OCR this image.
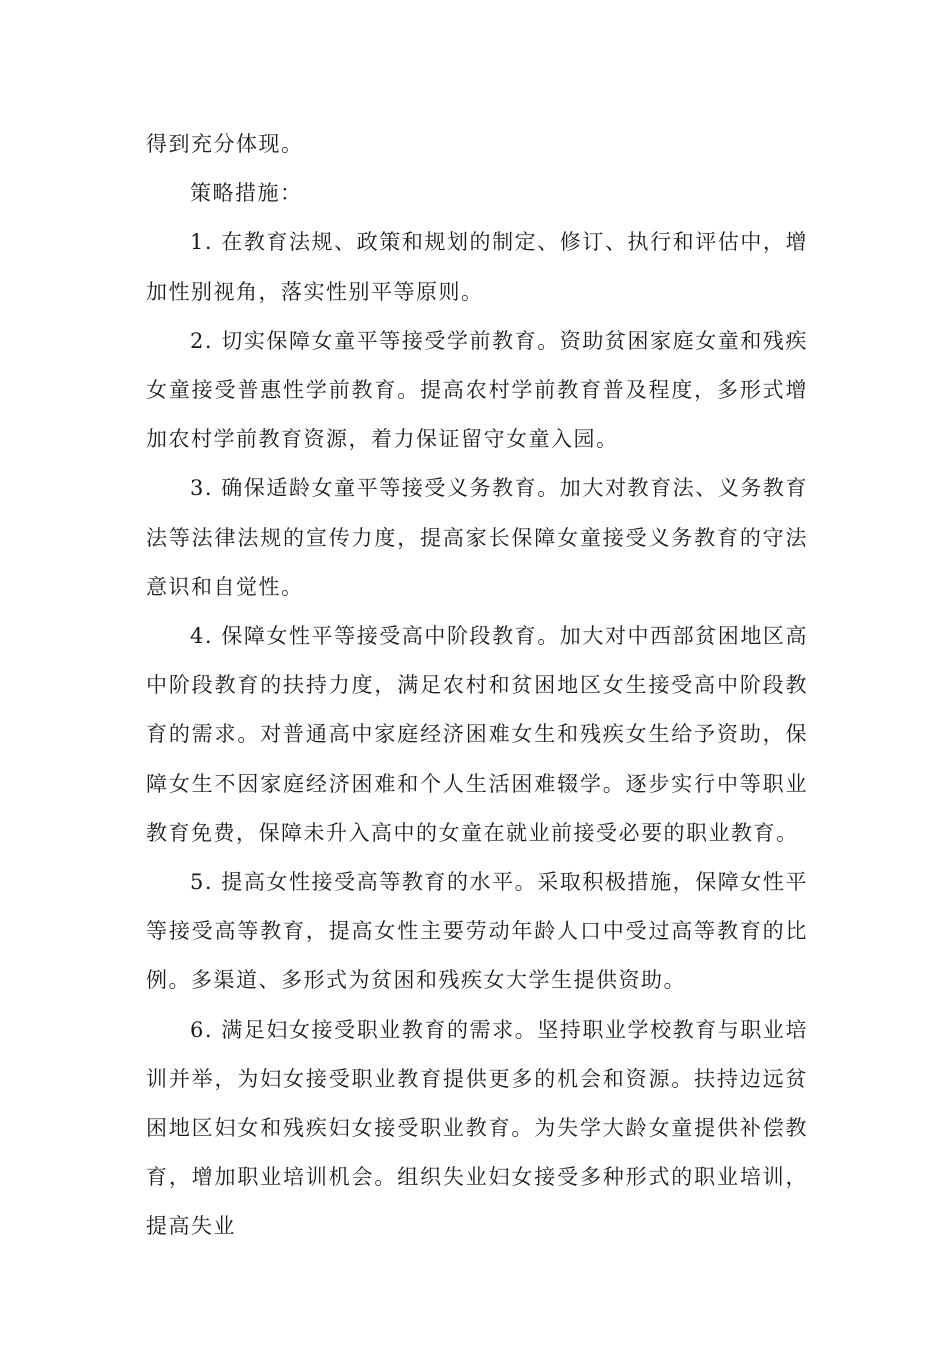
得到充分体现。

策略措施：

1. 在教育法规、政策和规划的制定、修订、执行和评估中，增加性别视角，落实性别平等原则。

2. 切实保障女童平等接受学前教育。资助贫困家庭女童和残疾女童接受普惠性学前教育。提高农村学前教育普及程度，多形式增加农村学前教育资源，着力保证留守女童入园。

3. 确保适龄女童平等接受义务教育。加大对教育法、义务教育法等法律法规的宣传力度，提高家长保障女童接受义务教育的守法意识和自觉性。

4. 保障女性平等接受高中阶段教育。加大对中西部贫困地区高中阶段教育的扶持力度，满足农村和贫困地区女生接受高中阶段教育的需求。对普通高中家庭经济困难女生和残疾女生给予资助，保障女生不因家庭经济困难和个人生活困难辍学。逐步实行中等职业教育免费，保障未升入高中的女童在就业前接受必要的职业教育。

5. 提高女性接受高等教育的水平。采取积极措施，保障女性平等接受高等教育，提高女性主要劳动年龄人口中受过高等教育的比例。多渠道、多形式为贫困和残疾女大学生提供资助。

6. 满足妇女接受职业教育的需求。坚持职业学校教育与职业培训并举，为妇女接受职业教育提供更多的机会和资源。扶持边远贫困地区妇女和残疾妇女接受职业教育。为失学大龄女童提供补偿教育，增加职业培训机会。组织失业妇女接受多种形式的职业培训，提高失业
